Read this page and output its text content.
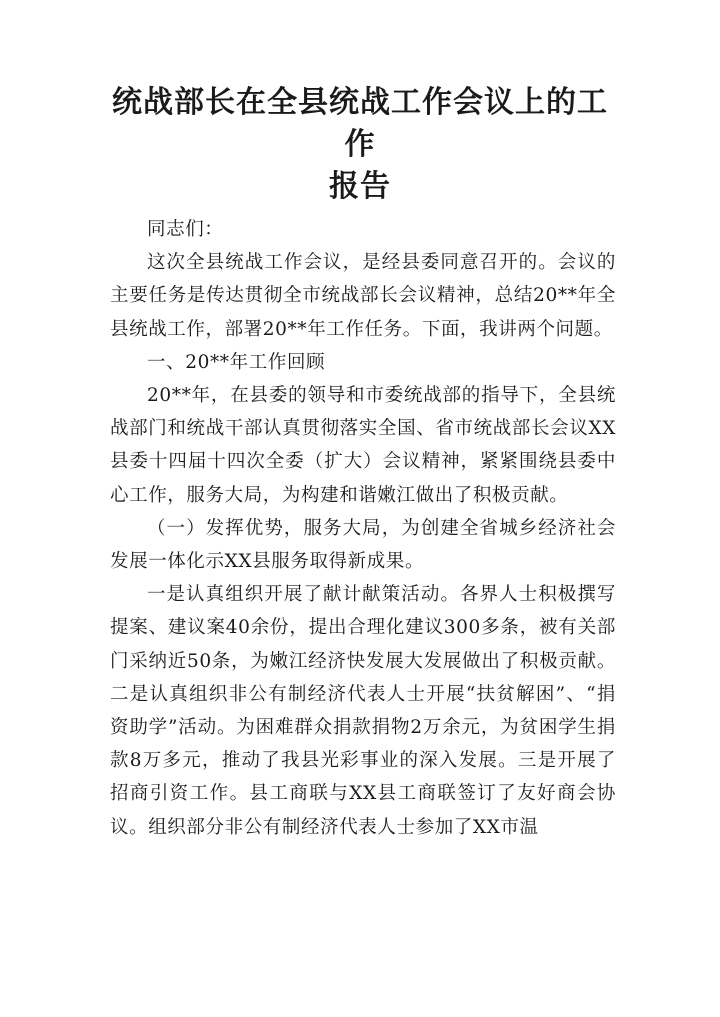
统战部长在全县统战工作会议上的工作
报告

同志们：

这次全县统战工作会议，是经县委同意召开的。会议的主要任务是传达贯彻全市统战部长会议精神，总结20**年全县统战工作，部署20**年工作任务。下面，我讲两个问题。

一、20**年工作回顾

20**年，在县委的领导和市委统战部的指导下，全县统战部门和统战干部认真贯彻落实全国、省市统战部长会议XX县委十四届十四次全委（扩大）会议精神，紧紧围绕县委中心工作，服务大局，为构建和谐嫩江做出了积极贡献。

（一）发挥优势，服务大局，为创建全省城乡经济社会发展一体化示XX县服务取得新成果。

一是认真组织开展了献计献策活动。各界人士积极撰写提案、建议案40余份，提出合理化建议300多条，被有关部门采纳近50条，为嫩江经济快发展大发展做出了积极贡献。二是认真组织非公有制经济代表人士开展“扶贫解困”、“捐资助学”活动。为困难群众捐款捐物2万余元，为贫困学生捐款8万多元，推动了我县光彩事业的深入发展。三是开展了招商引资工作。县工商联与XX县工商联签订了友好商会协议。组织部分非公有制经济代表人士参加了XX市温
